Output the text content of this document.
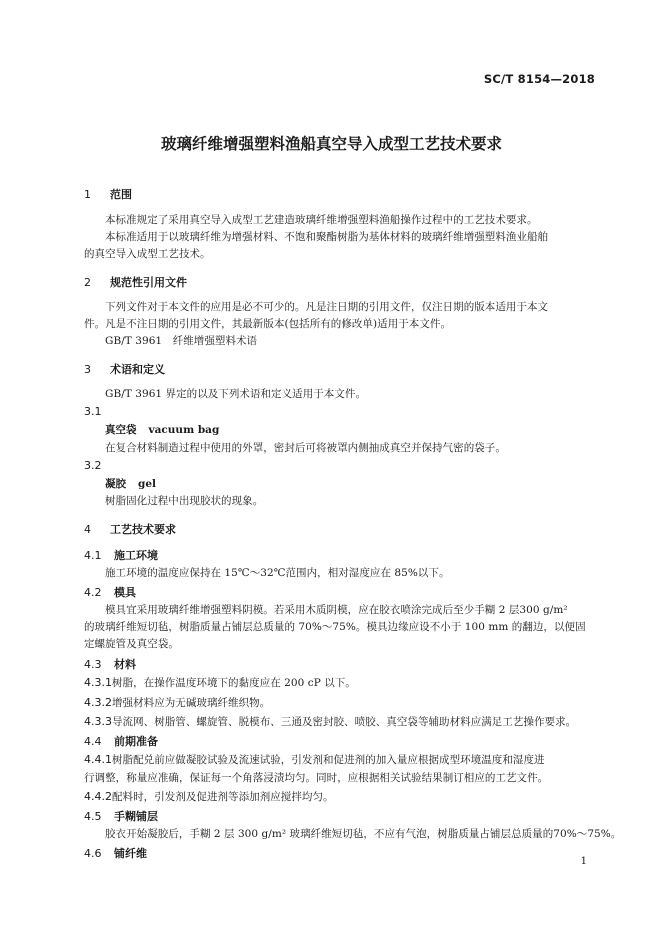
SC/T 8154—2018
玻璃纤维增强塑料渔船真空导入成型工艺技术要求
1 范围
本标准规定了采用真空导入成型工艺建造玻璃纤维增强塑料渔船操作过程中的工艺技术要求。
本标准适用于以玻璃纤维为增强材料、不饱和聚酯树脂为基体材料的玻璃纤维增强塑料渔业船舶
的真空导入成型工艺技术。
2 规范性引用文件
下列文件对于本文件的应用是必不可少的。凡是注日期的引用文件，仅注日期的版本适用于本文
件。凡是不注日期的引用文件，其最新版本(包括所有的修改单)适用于本文件。
GB/T 3961　纤维增强塑料术语
3 术语和定义
GB/T 3961 界定的以及下列术语和定义适用于本文件。
3.1
真空袋 vacuum bag
在复合材料制造过程中使用的外罩，密封后可将被罩内侧抽成真空并保持气密的袋子。
3.2
凝胶 gel
树脂固化过程中出现胶状的现象。
4 工艺技术要求
4.1 施工环境
施工环境的温度应保持在 15℃～32℃范围内，相对湿度应在 85%以下。
4.2 模具
模具宜采用玻璃纤维增强塑料阴模。若采用木质阴模，应在胶衣喷涂完成后至少手糊 2 层300 g/m²
的玻璃纤维短切毡，树脂质量占铺层总质量的 70%～75%。模具边缘应设不小于 100 mm 的翻边，以便固
定螺旋管及真空袋。
4.3 材料
4.3.1树脂，在操作温度环境下的黏度应在 200 cP 以下。
4.3.2增强材料应为无碱玻璃纤维织物。
4.3.3导流网、树脂管、螺旋管、脱模布、三通及密封胶、喷胶、真空袋等辅助材料应满足工艺操作要求。
4.4 前期准备
4.4.1树脂配兑前应做凝胶试验及流速试验，引发剂和促进剂的加入量应根据成型环境温度和湿度进
行调整，称量应准确，保证每一个角落浸渍均匀。同时，应根据相关试验结果制订相应的工艺文件。
4.4.2配料时，引发剂及促进剂等添加剂应搅拌均匀。
4.5 手糊铺层
胶衣开始凝胶后，手糊 2 层 300 g/m² 玻璃纤维短切毡，不应有气泡，树脂质量占铺层总质量的70%～75%。
4.6 铺纤维
1
